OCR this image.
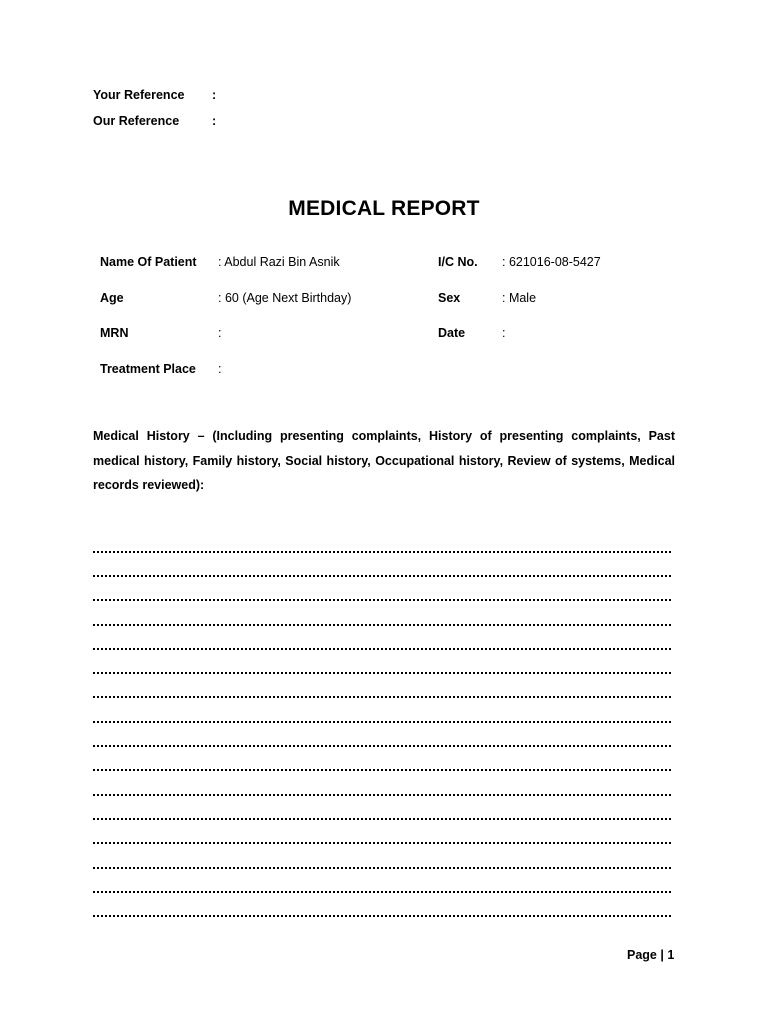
Your Reference :
Our Reference	:
MEDICAL REPORT
Name Of Patient : Abdul Razi Bin Asnik	I/C No. : 621016-08-5427
Age	: 60 (Age Next Birthday)	Sex	: Male
MRN	:	Date	:
Treatment Place :
Medical History – (Including presenting complaints, History of presenting complaints, Past medical history, Family history, Social history, Occupational history, Review of systems, Medical records reviewed):
Page | 1
